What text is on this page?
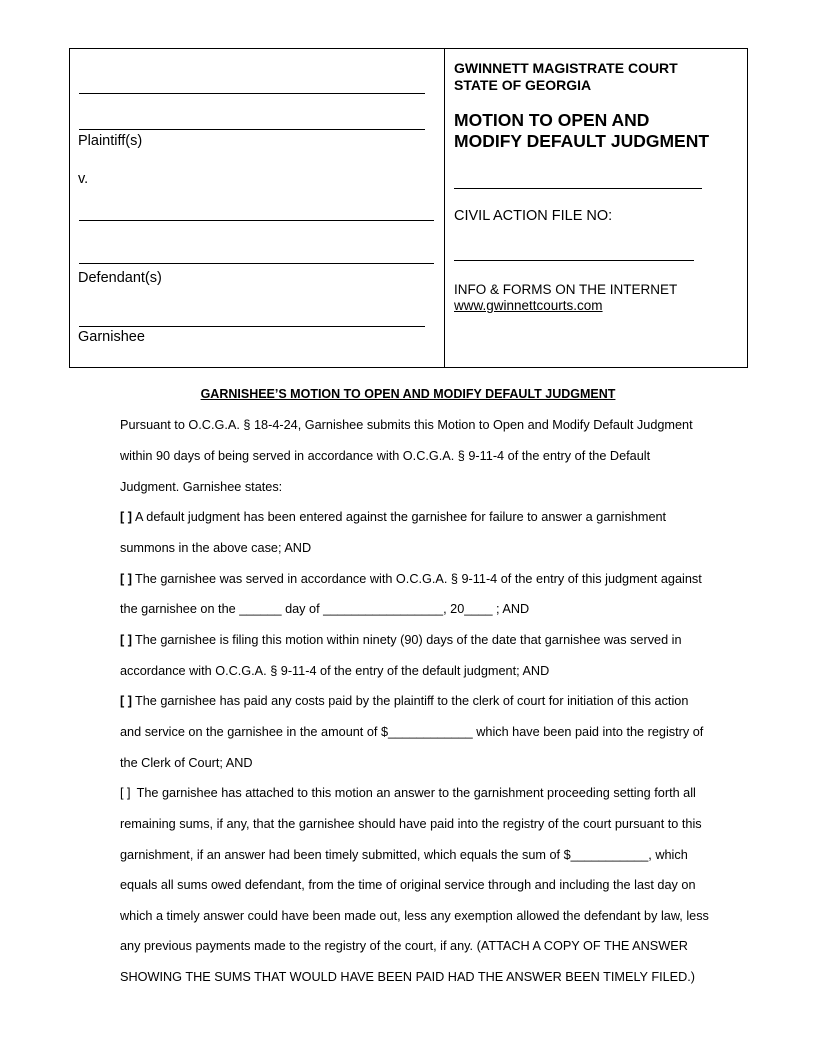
Plaintiff(s)
v.
Defendant(s)
Garnishee
GWINNETT MAGISTRATE COURT
STATE OF GEORGIA
MOTION TO OPEN AND
MODIFY DEFAULT JUDGMENT
CIVIL ACTION FILE NO:
INFO & FORMS ON THE INTERNET
www.gwinnettcourts.com
GARNISHEE’S MOTION TO OPEN AND MODIFY DEFAULT JUDGMENT
Pursuant to O.C.G.A. § 18-4-24, Garnishee submits this Motion to Open and Modify Default Judgment
within 90 days of being served in accordance with O.C.G.A. § 9-11-4 of the entry of the Default
Judgment. Garnishee states:
[ ] A default judgment has been entered against the garnishee for failure to answer a garnishment
summons in the above case; AND
[ ] The garnishee was served in accordance with O.C.G.A. § 9-11-4 of the entry of this judgment against
the garnishee on the ______ day of _________________, 20____ ; AND
[ ] The garnishee is filing this motion within ninety (90) days of the date that garnishee was served in
accordance with O.C.G.A. § 9-11-4 of the entry of the default judgment; AND
[ ] The garnishee has paid any costs paid by the plaintiff to the clerk of court for initiation of this action
and service on the garnishee in the amount of $____________ which have been paid into the registry of
the Clerk of Court; AND
[ ] The garnishee has attached to this motion an answer to the garnishment proceeding setting forth all
remaining sums, if any, that the garnishee should have paid into the registry of the court pursuant to this
garnishment, if an answer had been timely submitted, which equals the sum of $___________, which
equals all sums owed defendant, from the time of original service through and including the last day on
which a timely answer could have been made out, less any exemption allowed the defendant by law, less
any previous payments made to the registry of the court, if any. (ATTACH A COPY OF THE ANSWER
SHOWING THE SUMS THAT WOULD HAVE BEEN PAID HAD THE ANSWER BEEN TIMELY FILED.)
